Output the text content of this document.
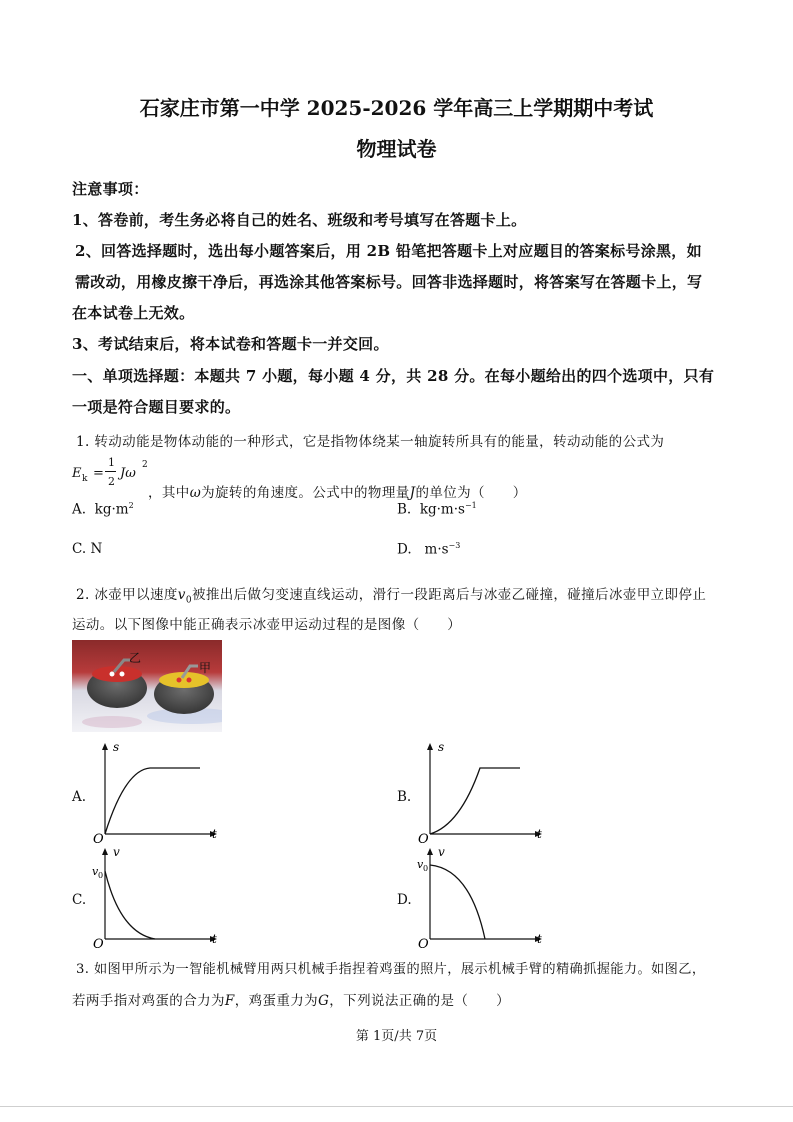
石家庄市第一中学 2025-2026 学年高三上学期期中考试
物理试卷
注意事项：
1、答卷前，考生务必将自己的姓名、班级和考号填写在答题卡上。
2、回答选择题时，选出每小题答案后，用 2B 铅笔把答题卡上对应题目的答案标号涂黑，如
需改动，用橡皮擦干净后，再选涂其他答案标号。回答非选择题时，将答案写在答题卡上，写
在本试卷上无效。
3、考试结束后，将本试卷和答题卡一并交回。
一、单项选择题：本题共 7 小题，每小题 4 分，共 28 分。在每小题给出的四个选项中，只有
一项是符合题目要求的。
1. 转动动能是物体动能的一种形式，它是指物体绕某一轴旋转所具有的能量，转动动能的公式为
E k =
1
2
Jω
2
，其中ω为旋转的角速度。公式中的物理量J的单位为（　　）
A. $kg\cdot m^2$	B. $kg\cdot m\cdot s^{-1}$
C. N	D. $m\cdot s^{-3}$
2. 冰壶甲以速度$v_0$被推出后做匀变速直线运动，滑行一段距离后与冰壶乙碰撞，碰撞后冰壶甲立即停止
运动。以下图像中能正确表示冰壶甲运动过程的是图像（　　）
乙
甲
A.	B.
C.	D.
s
t
O
s
t
O
v
v 0
t
O
v
v 0
t
O
3. 如图甲所示为一智能机械臂用两只机械手指捏着鸡蛋的照片，展示机械手臂的精确抓握能力。如图乙，
若两手指对鸡蛋的合力为F，鸡蛋重力为G，下列说法正确的是（　　）
第 1页/共 7页
